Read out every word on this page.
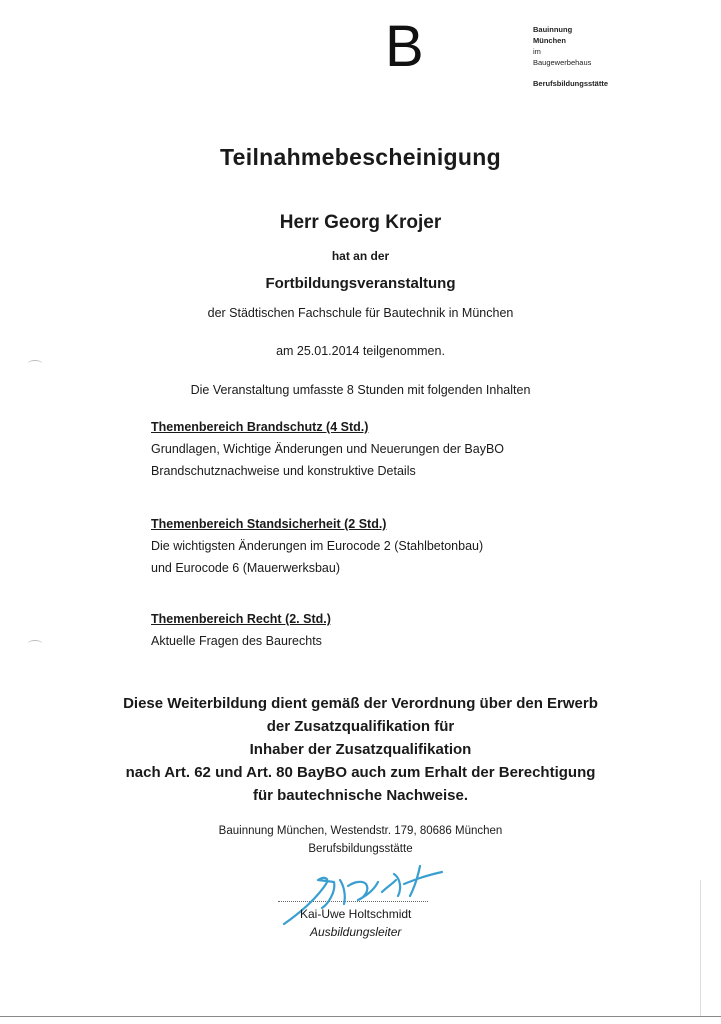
B	Bauinnung
München
im
Baugewerbehaus
Berufsbildungsstätte
Teilnahmebescheinigung
Herr Georg Krojer
hat an der
Fortbildungsveranstaltung
der Städtischen Fachschule für Bautechnik in München
am 25.01.2014 teilgenommen.
Die Veranstaltung umfasste 8 Stunden mit folgenden Inhalten
Themenbereich Brandschutz (4 Std.)
Grundlagen, Wichtige Änderungen und Neuerungen der BayBO
Brandschutznachweise und konstruktive Details
Themenbereich Standsicherheit (2 Std.)
Die wichtigsten Änderungen im Eurocode 2 (Stahlbetonbau)
und Eurocode 6 (Mauerwerksbau)
Themenbereich Recht (2. Std.)
Aktuelle Fragen des Baurechts
Diese Weiterbildung dient gemäß der Verordnung über den Erwerb
der Zusatzqualifikation für
Inhaber der Zusatzqualifikation
nach Art. 62 und Art. 80 BayBO auch zum Erhalt der Berechtigung
für bautechnische Nachweise.
Bauinnung München, Westendstr. 179, 80686 München
Berufsbildungsstätte
Kai-Uwe Holtschmidt
Ausbildungsleiter
